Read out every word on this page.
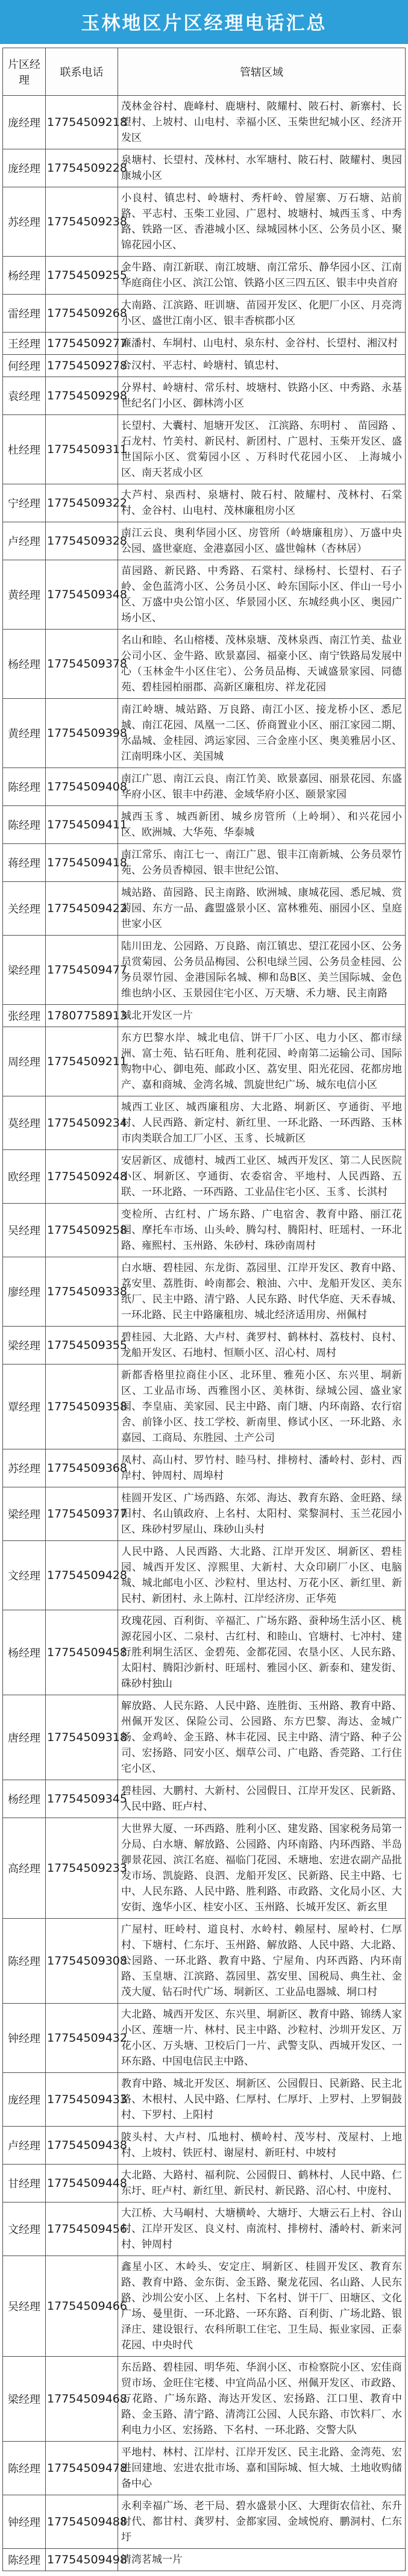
玉林地区片区经理电话汇总
片区经理	联系电话	管辖区域
庞经理	17754509218	茂林金谷村、鹿峰村、鹿塘村、陂耀村、陂石村、新寨村、长望村、上坡村、山电村、幸福小区、玉柴世纪城小区、经济开发区
庞经理	17754509228	泉塘村、长望村、茂林村、水军塘村、陂石村、陂耀村、奥园康城小区
苏经理	17754509238	小良村、镇忠村、岭塘村、秀杆岭、曾屋寨、万石塘、站前路、平志村、玉柴工业园、广恩村、坡塘村、城西玉豸、中秀路、铁路一区、香港城小区、绿城园林小区、公务员小区、聚锦花园小区、
杨经理	17754509255	金牛路、南江新联、南江坡塘、南江常乐、静华园小区、江南华庭商住小区、滨江公馆、铁路小区三四五区、银丰中央首府
雷经理	17754509268	大南路、江滨路、旺训塘、苗园开发区、化肥厂小区、月亮湾小区、盛世江南小区、银丰香槟郡小区
王经理	17754509277	廉潘村、车垌村、山电村、泉东村、金谷村、长望村、湘汉村
何经理	17754509278	合汉村、平志村、岭塘村、镇忠村、
袁经理	17754509298	分界村、岭塘村、常乐村、坡塘村、铁路小区、中秀路、永基世纪名门小区、御林湾小区
杜经理	17754509311	长望村、大囊村、旭塘开发区、 江滨路、东明村 、 苗园路 、 石龙村、竹美村、新民村、新团村、广恩村、玉柴开发区、盛世国际小区、赏菊园小区 、万科时代花园小区、 上海城小区、南天茗成小区
宁经理	17754509322	大芦村、泉西村、泉塘村、陂石村、陂耀村、茂林村、石棠村、金谷村、山电村、茂林廉租房小区
卢经理	17754509328	南江云良、奥利华园小区、房管所（岭塘廉租房）、万盛中央公园、盛世豪庭、金港嘉园小区、盛世翰林（杏林居）
黄经理	17754509348	苗园路、新民路、中秀路、石棠村、绿杨村、长望村、石子岭、金色蓝湾小区、公务员小区、岭东国际小区、伴山一号小区、万盛中央公馆小区、华景园小区、东城经典小区、奥园广场小区、
杨经理	17754509378	名山和睦、名山榕楼、茂林泉塘、茂林泉西、南江竹美、盐业公司小区、金牛路、欧景嘉园、福豪小区、南宁铁路局发展中心（玉林金牛小区住宅）、公务员品梅、天诚盛景家园、同德苑、碧桂园柏丽郡、高新区廉租房、祥龙花园
黄经理	17754509398	南江岭塘、城站路、万良路、南江小区、接龙桥小区、悉尼城、南江花园、凤凰一二区、侨商置业小区、丽江家园二期、水晶城、金桂园、鸿运家园、三合金座小区、奥美雅居小区、江南明珠小区、美国城
陈经理	17754509408	南江广恩、南江云良、南江竹美、欧景嘉园、丽景花园、东盛华府小区、银丰中药港、金域华府小区、颐景家园
陈经理	17754509411	城西玉豸、城西新团、城乡房管所（上岭垌）、和兴花园小区、欧洲城、大华苑、华泰城
蒋经理	17754509418	南江常乐、南江七一、南江广恩、银丰江南新城、公务员翠竹苑、公务员香樟园、银丰世纪公馆、
关经理	17754509422	城站路、苗园路、民主南路、欧洲城、康城花园、悉尼城、赏菊园、东方一品、鑫盟盛景小区、富林雅苑、丽园小区、皇庭世家小区
梁经理	17754509477	陆川田龙、公园路、万良路、南江镇忠、望江花园小区、公务员赏菊园、公务员品梅园、公积电绿兰园、公务员金桂园、公务员翠竹园、金港国际名城、柳和岛B区、美兰国际城、金色维也纳小区、玉景园住宅小区、万天塘、禾力塘、民主南路
张经理	17807758913	城北开发区一片
周经理	17754509211	东方巴黎水岸、城北电信、饼干厂小区、电力小区、都市绿洲、富士苑、钻石旺角、胜利花园、岭南第二运输公司、国际购物中心、御电苑、邮政小区、荔安里、阳光花园、花都房地产、嘉和商城、金湾名城、凯旋世纪广场、城东电信小区
莫经理	17754509234	城西工业区、城西廉租房、大北路、垌新区、亨通街、平地村、人民西路、新定村、新红里、一环北路、一环西路、玉林市肉类联合加工厂小区、玉豸、长城新区
欧经理	17754509248	安居新区、成德村、城西工业区、城西开发区、第二人民医院小区、垌新区、亨通街、农委宿舍、平地村、人民西路、五联、一环北路、一环西路、工业品住宅小区、玉豸、长淇村
吴经理	17754509258	变检所、古红村、广场东路、广电宿舍、教育中路、丽江花园、摩托车市场、山头岭、腾勾村、腾阳村、旺瑶村、一环北路、雍熙村、玉州路、朱砂村、珠砂南周村
廖经理	17754509338	白水塘、碧桂园、东龙街、荔园里、江岸开发区、教育中路、荔安里、荔胜街、岭南都会、粮油、六中、龙船开发区、美东纸厂、民主中路、清宁路、人民东路、时代华庭、天禾春城、一环北路、民主中路廉租房、城北经济适用房、州佩村
梁经理	17754509355	碧桂园、大北路、大卢村、龚罗村、鹤林村、荔枝村、良村、龙船开发区、石地村、恒顺小区、沼心村、周村
覃经理	17754509358	新都香格里拉商住小区、北环里、雅苑小区、东兴里、垌新区、工业品市场、西雅图小区、美林街、绿城公园、盛业家园、李皇庙、美家园、民主中路、南门塘、内环南路、农行宿舍、前锋小区、技工学校、新南里、修试小区、一环北路、永嘉园、工商局、东胜园、土产公司
苏经理	17754509368	凤村、高山村、罗竹村、睦马村、排榜村、潘岭村、彭村、西岸村、钟周村、周埠村
梁经理	17754509377	桂圆开发区、广场西路、东郊、海达、教育东路、金旺路、绿阳村、名山镇政府、上名村、太阳村、棠黎洞村、玉兰花园小区、珠砂村罗屋山、珠砂山头村
文经理	17754509428	人民中路、人民西路、大北路、江岸开发区、垌新区、碧桂园、城西开发区、淳熙里、大新村、大众印刷厂小区、电脑城、城北邮电小区、沙粒村、里达村、万花小区、新红里、新民村、新团村、永上陈村、江岸经济房、正华苑
杨经理	17754509458	玫瑰花园、百利街、辛福汇、广场东路、蚕种场生活小区、桃源花园小区、二泉村、古红村、和睦山、官塘村、七冲村、建行胜利垌生活区、金碧苑、金都花园、农垦小区、人民东路、太阳村、腾阳沙新村、旺瑶村、雅园小区、新泰和、建发街、硃砂村独山
唐经理	17754509318	解放路、人民东路、人民中路、连胜街、玉州路、教育中路、州佩开发区、保险公司、公园路、东方巴黎、海达、金城广场、金鸡岭、金玉路、林丰花园、民主中路、清宁路、种子公司、宏扬路、同安小区、烟草公司、广电路、香莞路、工行住宅小区、
杨经理	17754509345	碧桂园、大鹏村、大新村、公园假日、江岸开发区、民新路、人民中路、旺卢村、
高经理	17754509233	大世界大厦、一环西路、胜利小区、建发路、国家税务局第一分局、白水塘、解放路、公园路、内环南路、内环西路、半岛御景花园、滨江名庭、福临门花园、禾塘地、宏进农副产品批发市场、凯旋路、良泗、龙船开发区、民新路、民主中路、七中、人民东路、人民中路、胜利路、市政路、文化局小区、大安街、逸华小区、桂安小区、玉州路、长城开发区、新玄里
陈经理	17754509308	广屋村、旺岭村、道良村、水岭村、赖屋村、屋岭村、仁厚村、下塘村、仁东圩、玉州路、解放路、人民中路、大北路、公园路、一环北路、教育中路、宁屋角、内环西路、内环南路、玉皇塘、江滨路、荔园里、荔安里、国税局、典生社、金茂大厦、钻石时代广场、垌新区、工业品电器城、垌口村
钟经理	17754509432	大北路、城西开发区、东兴里、垌新区、教育中路、锦绣人家小区、莲塘一片、林村、民主中路、沙粒村、沙圳开发区、万花小区、万头塘、卫校后门一片、武警支队、西城开发区、一环东路、中国电信民主中路、
庞经理	17754509433	教育中路、城北开发区、垌新区、公园假日、民新路、民主北路、木根村、人民中路、仁厚村、仁厚圩、上罗村、上罗铜鼓村、下罗村、上阳村
卢经理	17754509438	陂头村、大卢村、瓜地村、横岭村、茂岑村、茂屋村、上地村、上坡村、铁匠村、谢屋村、新旺村、中坡村
甘经理	17754509448	大北路、大路村、福利院、公园假日、鹤林村、人民中路、仁东圩、旺卢村、新红里、新民村、新民路、沼心村、中庞村、
文经理	17754509456	大江桥、大马峒村、大塘横岭、大塘圩、大塘云石上村、谷山村、江岸开发区、良义村、南流村、排榜村、潘岭村、新来河村、钟周村
吴经理	17754509466	鑫星小区、木岭头、安定庄、垌新区、桂圆开发区、教育东路、教育中路、金东街、金玉路、聚龙花园、名山路、人民东路、沙圳公安小区、上名村、下名村、饼干厂、田塘区、文化广场、曼里街、一环北路、一环东路、百利街、广场北路、银泽庄、建设银行、农科所职工住宅、卫生局、振业家园、正泰花园、中央时代
梁经理	17754509468	东岳路、碧桂园、明华苑、华润小区、市检察院小区、宏佳商贸市场、金旺住宅楼、中宜尚品小区、州佩开发区、市政路、万花路、广场东路、海达开发区、宏扬路、江口里、教育中路、金玉路、清宁路、清湾江公园、人民东路、市饮料厂、水利电力小区、宏扬路、下名村、一环北路、交警大队
陈经理	17754509478	平地村、林村、江岸村、江岸开发区、民主北路、金湾苑、宏进回建地、宏进农批市场、嘉和国际城、恒大城、土地收购储备中心
钟经理	17754509488	永利幸福广场、老干局、碧水盛景小区、大理街农信社、东升时代、都甘村、龚罗村、金都家园、金域悦府、鹏洞村、仁东圩
陈经理	17754509498	清湾茗城一片
